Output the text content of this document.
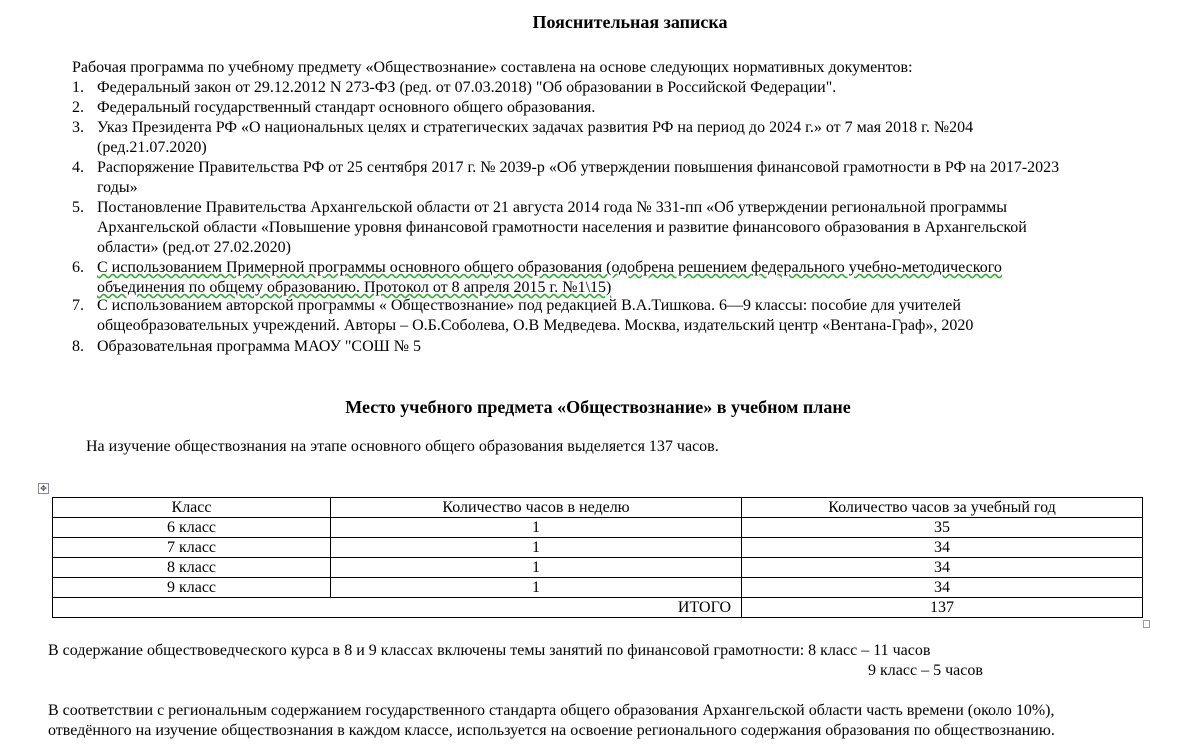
Пояснительная записка
Рабочая программа по учебному предмету «Обществознание» составлена на основе следующих нормативных документов:
1. Федеральный закон от 29.12.2012 N 273-ФЗ (ред. от 07.03.2018) "Об образовании в Российской Федерации".
2. Федеральный государственный стандарт основного общего образования.
3. Указ Президента РФ «О национальных целях и стратегических задачах развития РФ на период до 2024 г.» от 7 мая 2018 г. №204
(ред.21.07.2020)
4. Распоряжение Правительства РФ от 25 сентября 2017 г. № 2039-р «Об утверждении повышения финансовой грамотности в РФ на 2017-2023
годы»
5. Постановление Правительства Архангельской области от 21 августа 2014 года № 331-пп «Об утверждении региональной программы
Архангельской области «Повышение уровня финансовой грамотности населения и развитие финансового образования в Архангельской
области» (ред.от 27.02.2020)
6. С использованием Примерной программы основного общего образования (одобрена решением федерального учебно-методического
объединения по общему образованию. Протокол от 8 апреля 2015 г. №1\15)
7. С использованием авторской программы « Обществознание» под редакцией В.А.Тишкова. 6—9 классы: пособие для учителей
общеобразовательных учреждений. Авторы – О.Б.Соболева, О.В Медведева. Москва, издательский центр «Вентана-Граф», 2020
8. Образовательная программа МАОУ "СОШ № 5
Место учебного предмета «Обществознание» в учебном плане
На изучение обществознания на этапе основного общего образования выделяется 137 часов.
✥
Класс	Количество часов в неделю	Количество часов за учебный год
6 класс	1	35
7 класс	1	34
8 класс	1	34
9 класс	1	34
ИТОГО		137
В содержание обществоведческого курса в 8 и 9 классах включены темы занятий по финансовой грамотности: 8 класс – 11 часов
9 класс – 5 часов
В соответствии с региональным содержанием государственного стандарта общего образования Архангельской области часть времени (около 10%),
отведённого на изучение обществознания в каждом классе, используется на освоение регионального содержания образования по обществознанию.
